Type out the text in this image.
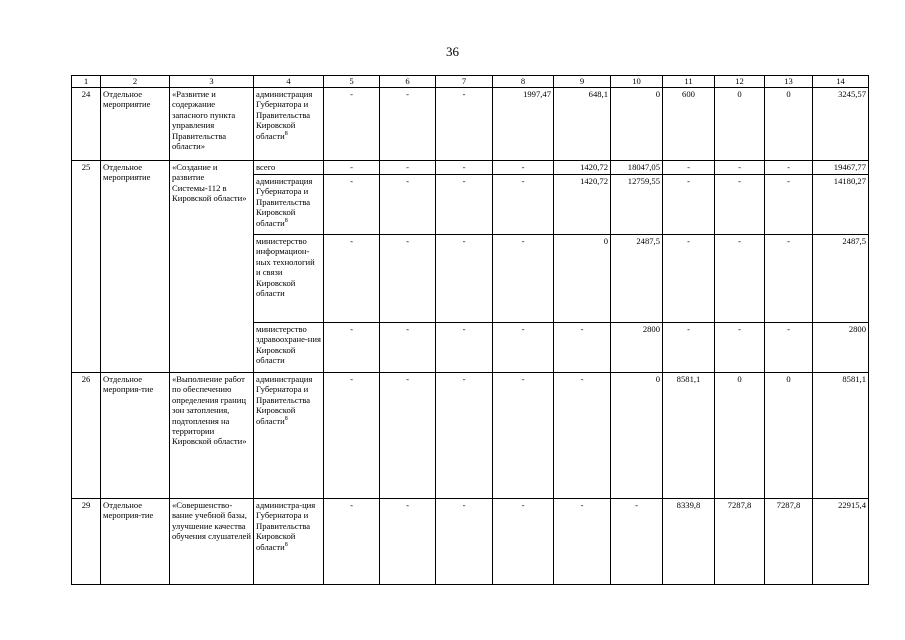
36
1	2	3	4	5	6	7	8	9	10	11	12	13	14
24	Отдельное мероприятие	«Развитие и содержание запасного пункта управления Правительства области»	администрация Губернатора и Правительства Кировской области$^8$	-	-	-	1997,47	648,1	0	600	0	0	3245,57
25	Отдельное мероприятие	«Создание и развитие Системы-112 в Кировской области»	всего	-	-	-	-	1420,72	18047,05	-	-	-	19467,77
			администрация Губернатора и Правительства Кировской области$^8$	-	-	-	-	1420,72	12759,55	-	-	-	14180,27
			министерство информацион-ных технологий и связи Кировской области	-	-	-	-	0	2487,5	-	-	-	2487,5
			министерство здравоохране-ния Кировской области	-	-	-	-	-	2800	-	-	-	2800
26	Отдельное мероприя-тие	«Выполнение работ по обеспечению определения границ зон затопления, подтопления на территории Кировской области»	администрация Губернатора и Правительства Кировской области$^8$	-	-	-	-	-	0	8581,1	0	0	8581,1
29	Отдельное мероприя-тие	«Совершенство-вание учебной базы, улучшение качества обучения слушателей	администра-ция Губернатора и Правительства Кировской области$^8$	-	-	-	-	-	-	8339,8	7287,8	7287,8	22915,4
